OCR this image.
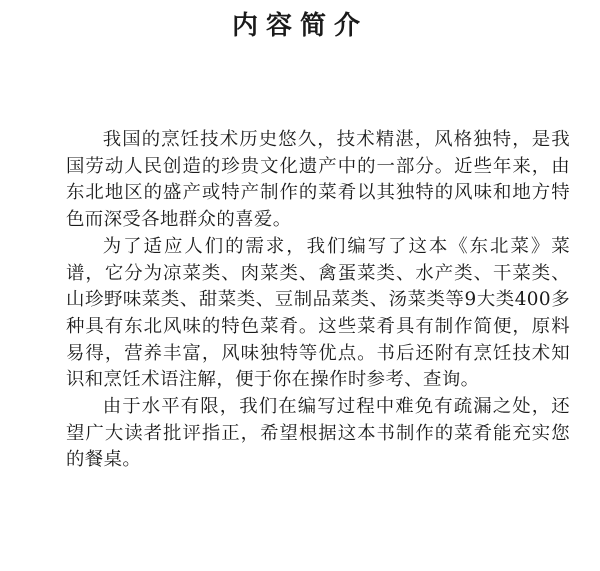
内容简介

我国的烹饪技术历史悠久，技术精湛，风格独特，是我国劳动人民创造的珍贵文化遗产中的一部分。近些年来，由东北地区的盛产或特产制作的菜肴以其独特的风味和地方特色而深受各地群众的喜爱。

为了适应人们的需求，我们编写了这本《东北菜》菜谱，它分为凉菜类、肉菜类、禽蛋菜类、水产类、干菜类、山珍野味菜类、甜菜类、豆制品菜类、汤菜类等9大类400多种具有东北风味的特色菜肴。这些菜肴具有制作简便，原料易得，营养丰富，风味独特等优点。书后还附有烹饪技术知识和烹饪术语注解，便于你在操作时参考、查询。

由于水平有限，我们在编写过程中难免有疏漏之处，还望广大读者批评指正，希望根据这本书制作的菜肴能充实您的餐桌。
